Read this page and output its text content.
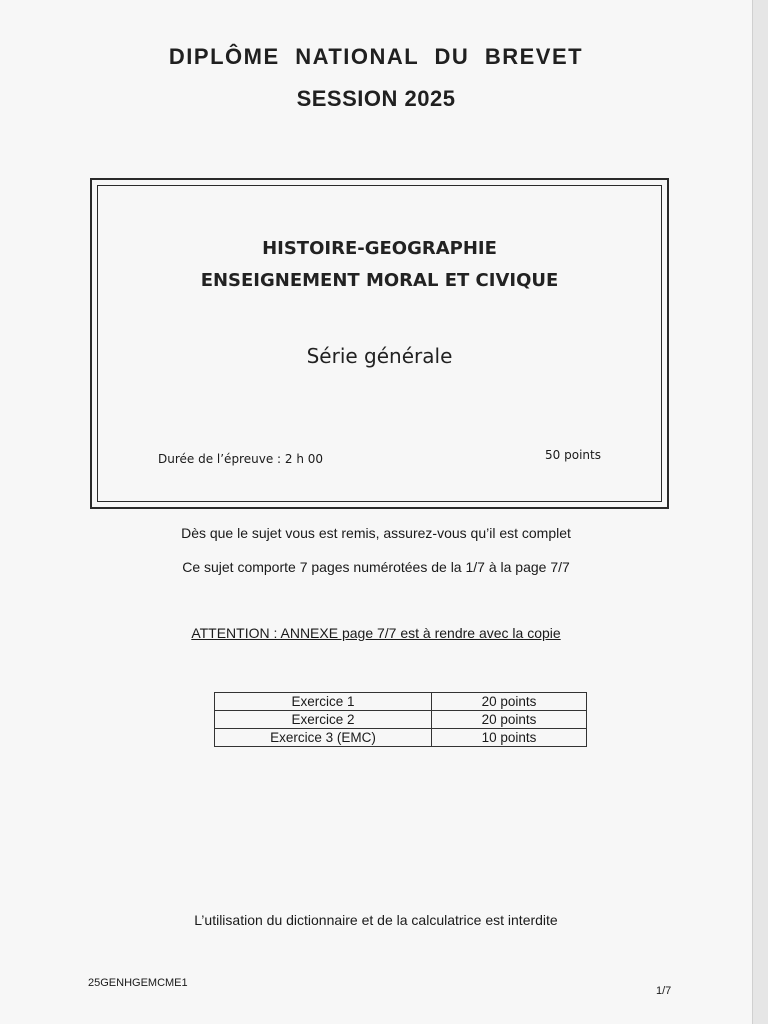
DIPLÔME NATIONAL DU BREVET
SESSION 2025
HISTOIRE-GEOGRAPHIE
ENSEIGNEMENT MORAL ET CIVIQUE
Série générale
Durée de l’épreuve : 2 h 00	50 points
Dès que le sujet vous est remis, assurez-vous qu’il est complet
Ce sujet comporte 7 pages numérotées de la 1/7 à la page 7/7
ATTENTION : ANNEXE page 7/7 est à rendre avec la copie
Exercice 1	20 points
Exercice 2	20 points
Exercice 3 (EMC)	10 points
L’utilisation du dictionnaire et de la calculatrice est interdite
25GENHGEMCME1
1/7
